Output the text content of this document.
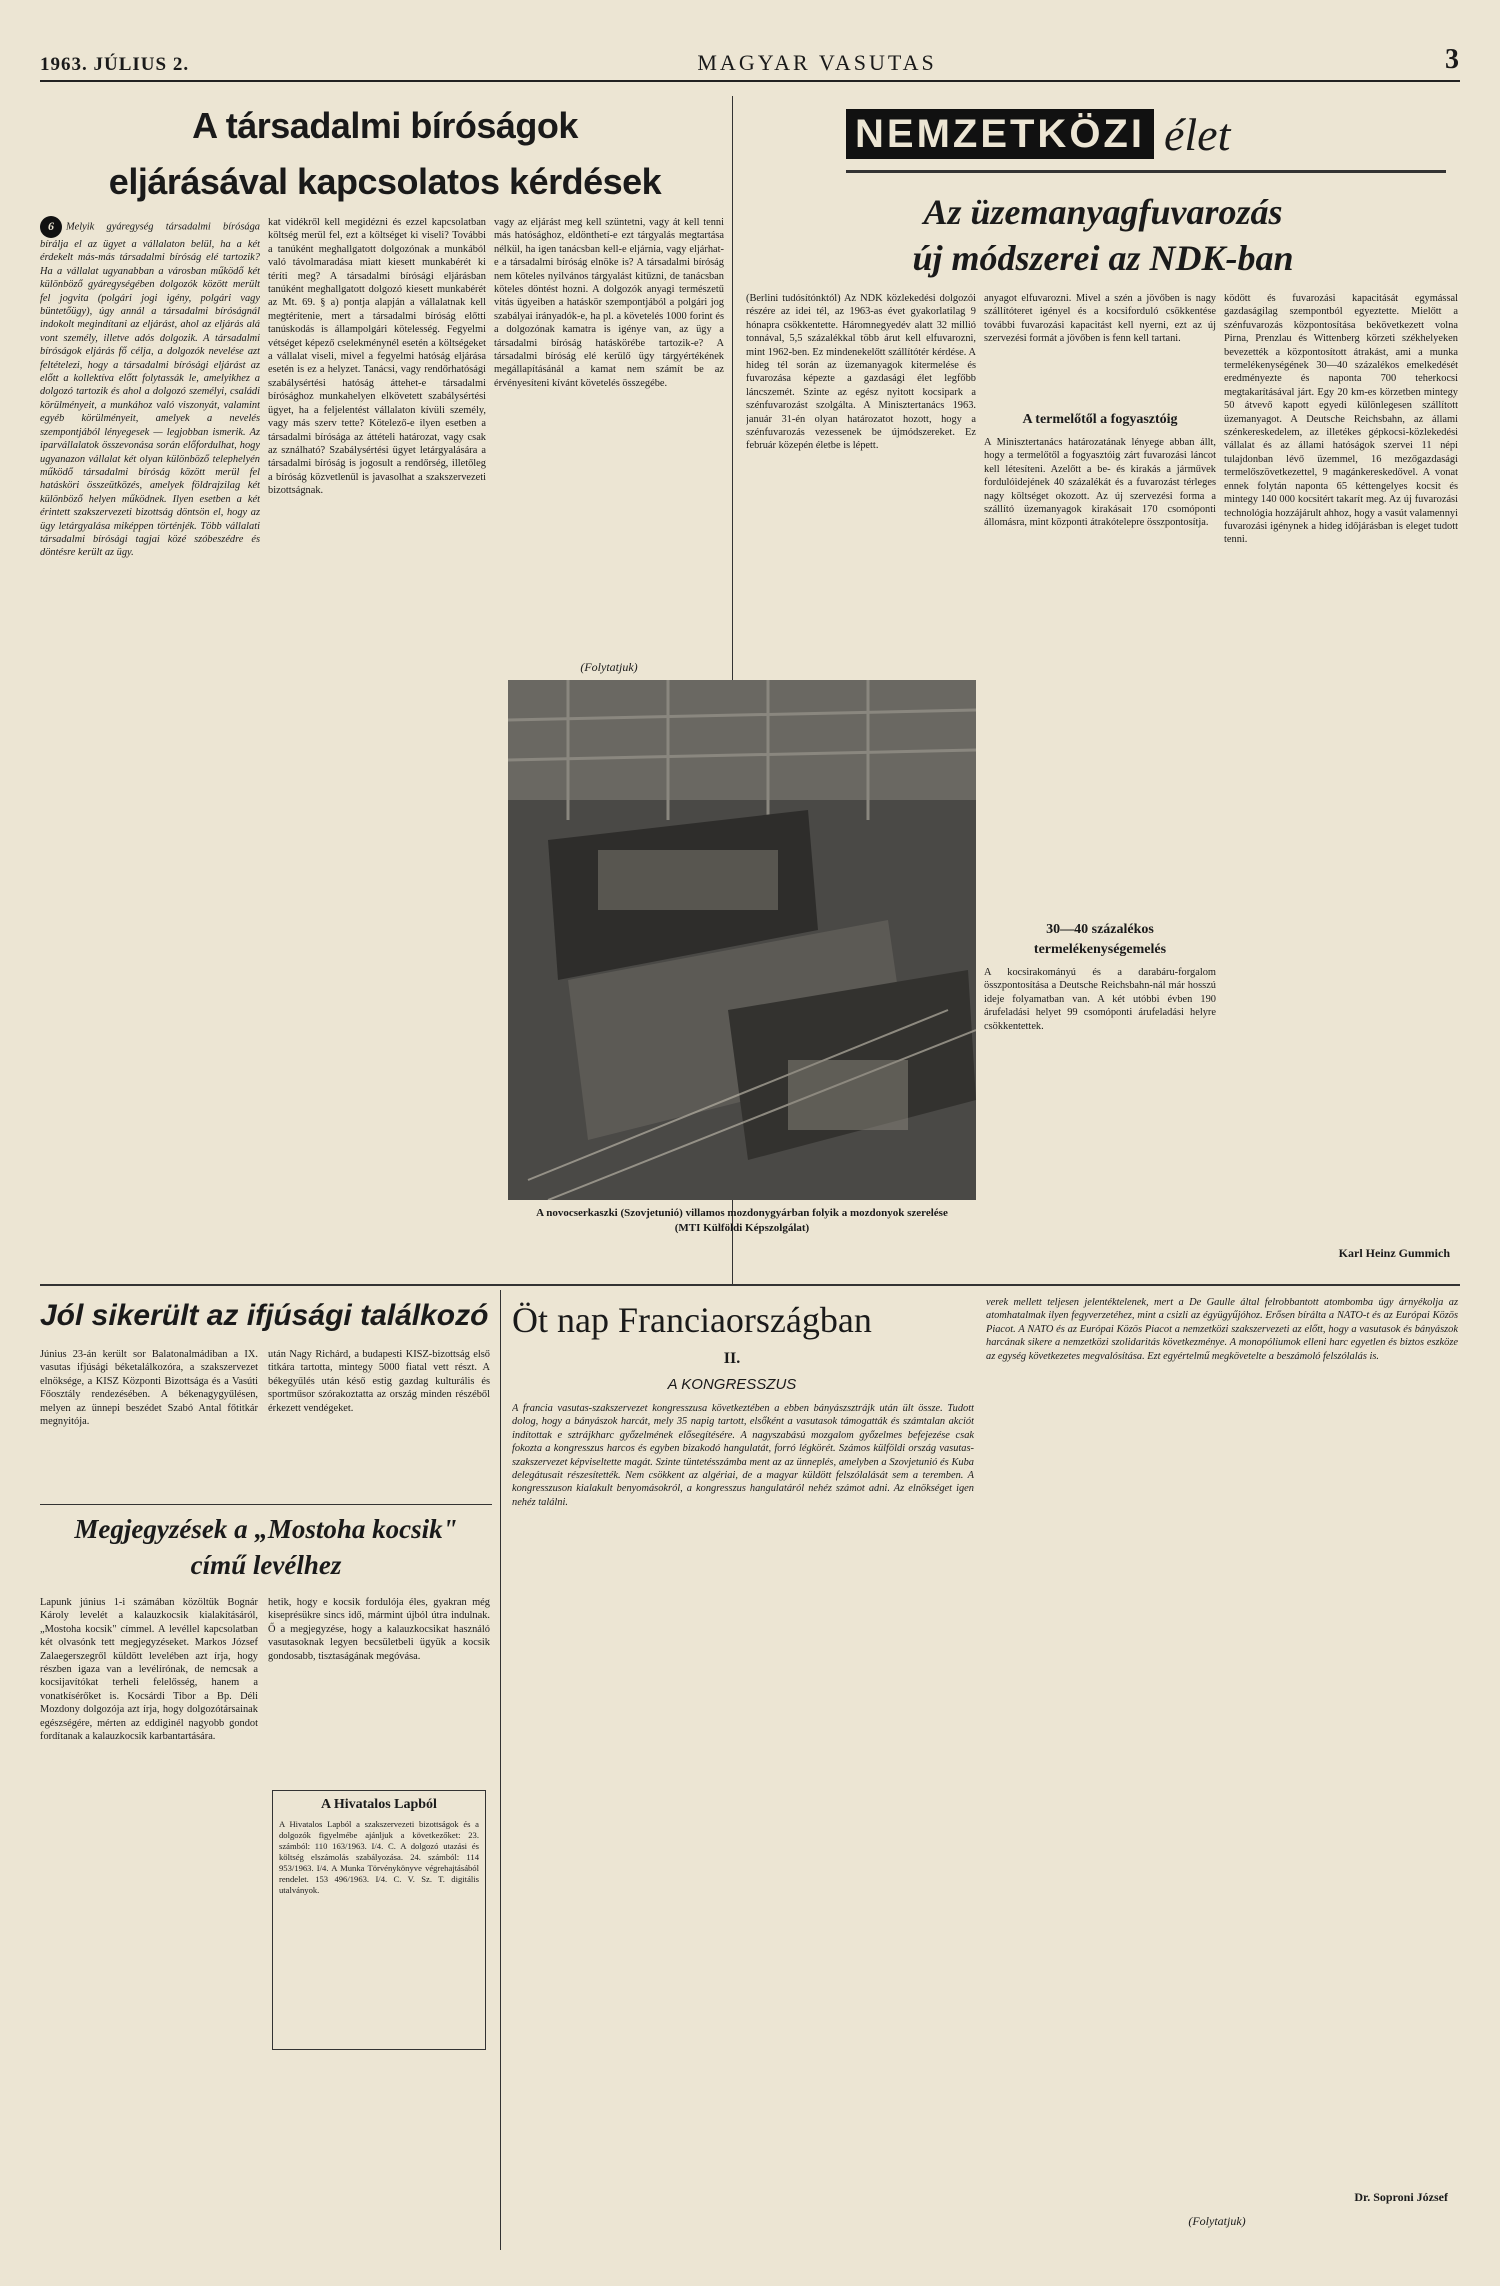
1963. JÚLIUS 2.	MAGYAR VASUTAS	3
A társadalmi bíróságok
eljárásával kapcsolatos kérdések
6 Melyik gyáregység társadalmi bírósága bírálja el az ügyet a vállalaton belül, ha a két érdekelt más-más társadalmi bíróság elé tartozik? Ha a vállalat ugyanabban a városban működő két különböző gyáregységében dolgozók között merült fel jogvita (polgári jogi igény, polgári vagy büntetőügy), úgy annál a társadalmi bíróságnál indokolt megindítani az eljárást, ahol az eljárás alá vont személy, illetve adós dolgozik. A társadalmi bíróságok eljárás fő célja, a dolgozók nevelése azt feltételezi, hogy a társadalmi bírósági eljárást az előtt a kollektíva előtt folytassák le, amelyikhez a dolgozó tartozik és ahol a dolgozó személyi, családi körülményeit, a munkához való viszonyát, valamint egyéb körülményeit, amelyek a nevelés szempontjából lényegesek — legjobban ismerik. Az iparvállalatok összevonása során előfordulhat, hogy ugyanazon vállalat két olyan különböző telephelyén működő társadalmi bíróság között merül fel hatásköri összeütközés, amelyek földrajzilag két különböző helyen működnek. Ilyen esetben a két érintett szakszervezeti bizottság döntsön el, hogy az ügy letárgyalása miképpen történjék. Több vállalati társadalmi bírósági tagjai közé szóbeszédre és döntésre került az ügy.
kat vidékről kell megidézni és ezzel kapcsolatban költség merül fel, ezt a költséget ki viseli? További a tanúként meghallgatott dolgozónak a munkából való távolmaradása miatt kiesett munkabérét ki téríti meg? A társadalmi bírósági eljárásban tanúként meghallgatott dolgozó kiesett munkabérét az Mt. 69. § a) pontja alapján a vállalatnak kell megtérítenie, mert a társadalmi bíróság előtti tanúskodás is állampolgári kötelesség. Fegyelmi vétséget képező cselekménynél esetén a költségeket a vállalat viseli, mivel a fegyelmi hatóság eljárása esetén is ez a helyzet. Tanácsi, vagy rendőrhatósági szabálysértési hatóság áttehet-e társadalmi bírósághoz munkahelyen elkövetett szabálysértési ügyet, ha a feljelentést vállalaton kívüli személy, vagy más szerv tette? Kötelező-e ilyen esetben a társadalmi bírósága az áttételi határozat, vagy csak az sználható? Szabálysértési ügyet letárgyalására a társadalmi bíróság is jogosult a rendőrség, illetőleg a bíróság közvetlenül is javasolhat a szakszervezeti bizottságnak.
vagy az eljárást meg kell szüntetni, vagy át kell tenni más hatósághoz, eldönthetí-e ezt tárgyalás megtartása nélkül, ha igen tanácsban kell-e eljárnia, vagy eljárhat-e a társadalmi bíróság elnöke is? A társadalmi bíróság nem köteles nyilvános tárgyalást kitűzni, de tanácsban köteles döntést hozni. A dolgozók anyagi természetű vitás ügyeiben a hatáskör szempontjából a polgári jog szabályai irányadók-e, ha pl. a követelés 1000 forint és a dolgozónak kamatra is igénye van, az ügy a társadalmi bíróság hatáskörébe tartozik-e? A társadalmi bíróság elé kerülő ügy tárgyértékének megállapításánál a kamat nem számít be az érvényesíteni kívánt követelés összegébe.
(Folytatjuk)
NEMZETKÖZI élet
Az üzemanyagfuvarozás
új módszerei az NDK-ban
(Berlini tudósítónktól) Az NDK közlekedési dolgozói részére az idei tél, az 1963-as évet gyakorlatilag 9 hónapra csökkentette. Háromnegyedév alatt 32 millió tonnával, 5,5 százalékkal több árut kell elfuvarozni, mint 1962-ben. Ez mindenekelőtt szállítótér kérdése. A hideg tél során az üzemanyagok kitermelése és fuvarozása képezte a gazdasági élet legfőbb láncszemét. Szinte az egész nyitott kocsipark a szénfuvarozást szolgálta. A Minisztertanács 1963. január 31-én olyan határozatot hozott, hogy a szénfuvarozás vezessenek be újmódszereket. Ez február közepén életbe is lépett.
anyagot elfuvarozni. Mivel a szén a jövőben is nagy szállítóteret igényel és a kocsiforduló csökkentése további fuvarozási kapacitást kell nyerni, ezt az új szervezési formát a jövőben is fenn kell tartani.
A termelőtől a fogyasztóig
A Minisztertanács határozatának lényege abban állt, hogy a termelőtől a fogyasztóig zárt fuvarozási láncot kell létesíteni. Azelőtt a be- és kirakás a járművek fordulóidejének 40 százalékát és a fuvarozást térleges nagy költséget okozott. Az új szervezési forma a szállító üzemanyagok kirakásait 170 csomóponti állomásra, mint központi átrakótelepre összpontosítja.
30—40 százalékos termelékenységemelés
A kocsirakományú és a darabáru-forgalom összpontosítása a Deutsche Reichsbahn-nál már hosszú ideje folyamatban van. A két utóbbi évben 190 árufeladási helyet 99 csomóponti árufeladási helyre csökkentettek.
ködött és fuvarozási kapacitását egymással gazdaságilag szempontból egyeztette. Mielőtt a szénfuvarozás központosítása bekövetkezett volna Pirna, Prenzlau és Wittenberg körzeti székhelyeken bevezették a központosított átrakást, ami a munka termelékenységének 30—40 százalékos emelkedését eredményezte és naponta 700 teherkocsi megtakarításával járt. Egy 20 km-es körzetben mintegy 50 átvevő kapott egyedi különlegesen szállított üzemanyagot. A Deutsche Reichsbahn, az állami szénkereskedelem, az illetékes gépkocsi-közlekedési vállalat és az állami hatóságok szervei 11 népi tulajdonban lévő üzemmel, 16 mezőgazdasági termelőszövetkezettel, 9 magánkereskedővel. A vonat ennek folytán naponta 65 kéttengelyes kocsit és mintegy 140 000 kocsitért takarít meg. Az új fuvarozási technológia hozzájárult ahhoz, hogy a vasút valamennyi fuvarozási igénynek a hideg időjárásban is eleget tudott tenni.
Karl Heinz Gummich
A novocserkaszki (Szovjetunió) villamos mozdonygyárban folyik a mozdonyok szerelése
(MTI Külföldi Képszolgálat)
Jól sikerült az ifjúsági találkozó
Június 23-án került sor Balatonalmádiban a IX. vasutas ifjúsági béketalálkozóra, a szakszervezet elnöksége, a KISZ Központi Bizottsága és a Vasúti Főosztály rendezésében. A békenagygyűlésen, melyen az ünnepi beszédet Szabó Antal főtitkár megnyitója.
után Nagy Richárd, a budapesti KISZ-bizottság első titkára tartotta, mintegy 5000 fiatal vett részt. A békegyűlés után késő estig gazdag kulturális és sportműsor szórakoztatta az ország minden részéből érkezett vendégeket.
Megjegyzések a „Mostoha kocsik"
című levélhez
Lapunk június 1-i számában közöltük Bognár Károly levelét a kalauzkocsik kialakításáról, „Mostoha kocsik" címmel. A levéllel kapcsolatban két olvasónk tett megjegyzéseket. Markos József Zalaegerszegről küldött levelében azt írja, hogy részben igaza van a levélírónak, de nemcsak a kocsijavítókat terheli felelősség, hanem a vonatkísérőket is. Kocsárdi Tibor a Bp. Déli Mozdony dolgozója azt írja, hogy dolgozótársainak egészségére, mérten az eddiginél nagyobb gondot fordítanak a kalauzkocsik karbantartására.
hetik, hogy e kocsik fordulója éles, gyakran még kiseprésükre sincs idő, mármint újból útra indulnak. Ő a megjegyzése, hogy a kalauzkocsikat használó vasutasoknak legyen becsületbeli ügyük a kocsik gondosabb, tisztaságának megóvása.
A Hivatalos Lapból
A Hivatalos Lapból a szakszervezeti bizottságok és a dolgozók figyelmébe ajánljuk a következőket: 23. számból: 110 163/1963. I/4. C. A dolgozó utazási és költség elszámolás szabályozása. 24. számból: 114 953/1963. I/4. A Munka Törvénykönyve végrehajtásából rendelet. 153 496/1963. I/4. C. V. Sz. T. digitális utalványok.
Öt nap Franciaországban
II.
A KONGRESSZUS
A francia vasutas-szakszervezet kongresszusa következtében a ebben bányászsztrájk után ült össze. Tudott dolog, hogy a bányászok harcát, mely 35 napig tartott, elsőként a vasutasok támogatták és számtalan akciót indítottak e sztrájkharc győzelmének elősegítésére. A nagyszabású mozgalom győzelmes befejezése csak fokozta a kongresszus harcos és egyben bizakodó hangulatát, forró légkörét. Számos külföldi ország vasutas-szakszervezet képviseltette magát. Szinte tüntetésszámba ment az az ünneplés, amelyben a Szovjetunió és Kuba delegátusait részesítették. Nem csökkent az algériai, de a magyar küldött felszólalását sem a teremben. A kongresszuson kialakult benyomásokról, a kongresszus hangulatáról nehéz számot adni. Az elnökséget igen nehéz találni.
verek mellett teljesen jelentéktelenek, mert a De Gaulle által felrobbantott atombomba úgy árnyékolja az atomhatalmak ilyen fegyverzetéhez, mint a csizli az égyügyűjóhoz. Erősen bírálta a NATO-t és az Európai Közös Piacot. A NATO és az Európai Közös Piacot a nemzetközi szakszervezeti az előtt, hogy a vasutasok és bányászok harcának sikere a nemzetközi szolidaritás következménye. A monopóliumok elleni harc egyetlen és biztos eszköze az egység következetes megvalósítása. Ezt egyértelmű megkövetelte a beszámoló felszólalás is.
Dr. Soproni József
(Folytatjuk)
